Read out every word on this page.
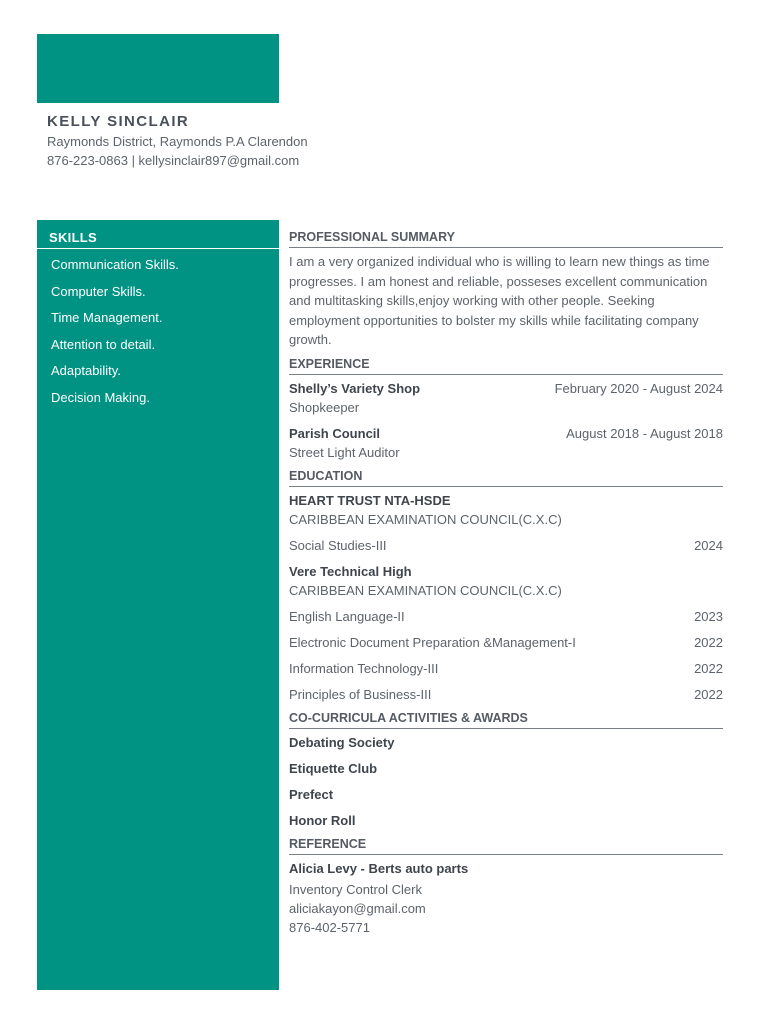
KELLY SINCLAIR
Raymonds District, Raymonds P.A Clarendon
876-223-0863 | kellysinclair897@gmail.com
SKILLS
Communication Skills.
Computer Skills.
Time Management.
Attention to detail.
Adaptability.
Decision Making.
PROFESSIONAL SUMMARY
I am a very organized individual who is willing to learn new things as time progresses. I am honest and reliable, posseses excellent communication and multitasking skills,enjoy working with other people. Seeking employment opportunities to bolster my skills while facilitating company growth.
EXPERIENCE
Shelly’s Variety Shop	February 2020 - August 2024
Shopkeeper
Parish Council	August 2018 - August 2018
Street Light Auditor
EDUCATION
HEART TRUST NTA-HSDE
CARIBBEAN EXAMINATION COUNCIL(C.X.C)
Social Studies-III	2024
Vere Technical High
CARIBBEAN EXAMINATION COUNCIL(C.X.C)
English Language-II	2023
Electronic Document Preparation &Management-I	2022
Information Technology-III	2022
Principles of Business-III	2022
CO-CURRICULA ACTIVITIES & AWARDS
Debating Society
Etiquette Club
Prefect
Honor Roll
REFERENCE
Alicia Levy - Berts auto parts
Inventory Control Clerk
aliciakayon@gmail.com
876-402-5771
